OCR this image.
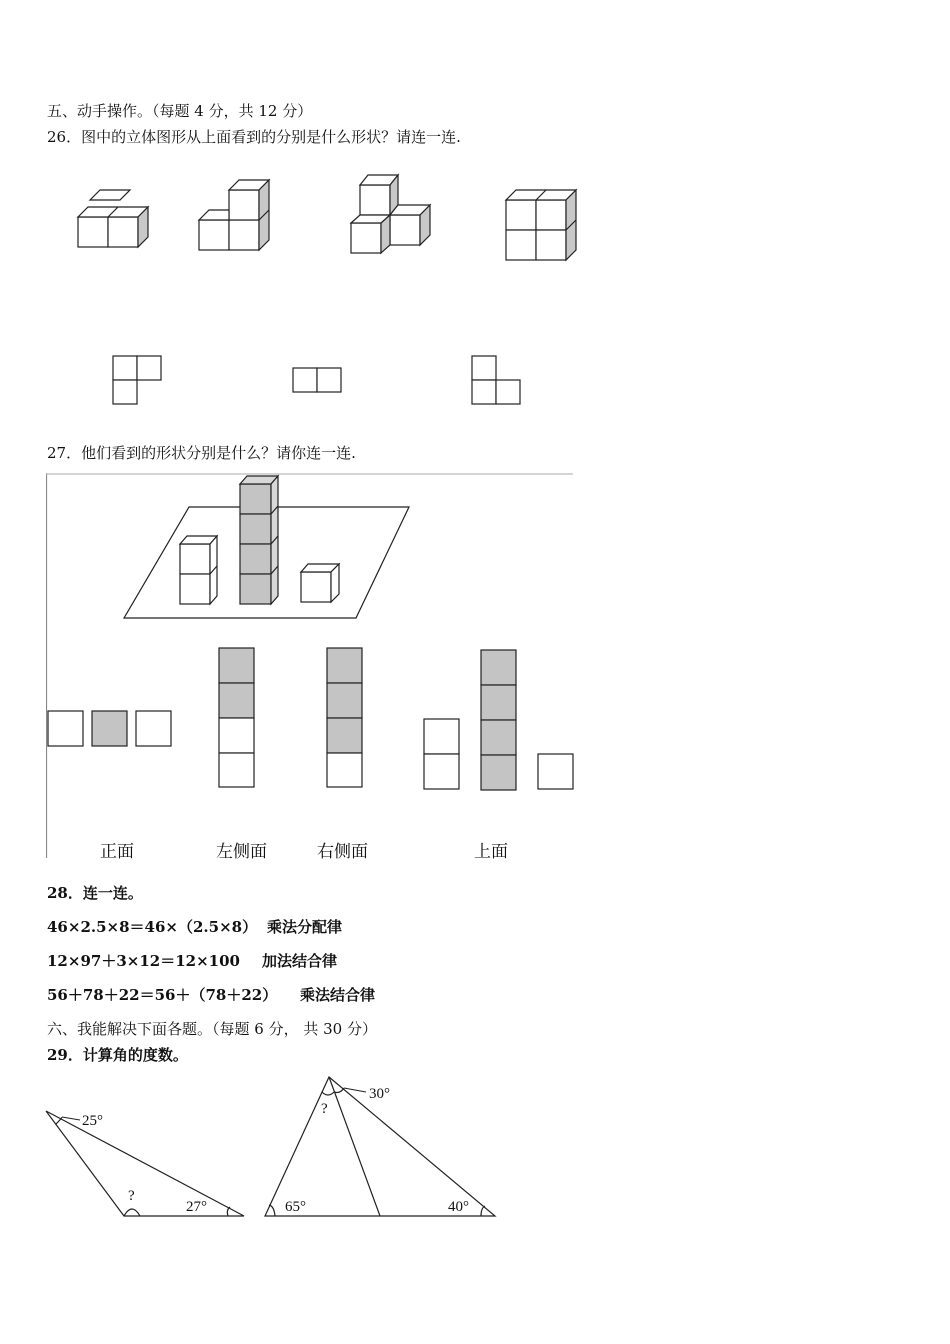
五、动手操作。（每题 4 分，共 12 分）
26．图中的立体图形从上面看到的分别是什么形状？请连一连.
27．他们看到的形状分别是什么？请你连一连.
正面	左侧面	右侧面	上面
28．连一连。
46×2.5×8＝46×（2.5×8） 乘法分配律
12×97＋3×12＝12×100 加法结合律
56＋78＋22＝56＋（78＋22） 乘法结合律
六、我能解决下面各题。（每题 6 分， 共 30 分）
29．计算角的度数。
25°
?
27°
30°
?
65°	40°
